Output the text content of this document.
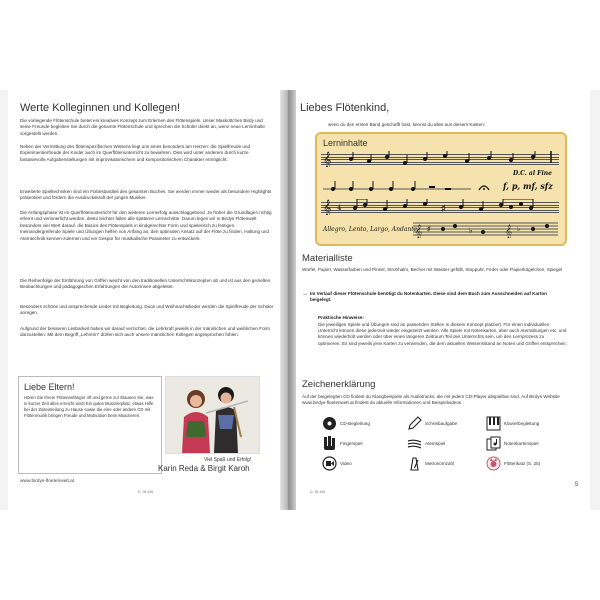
Werte Kolleginnen und Kollegen!

Die vorliegende Flötenschule bietet ein kreatives Konzept zum Erlernen des Flötenspiels. Unser Maskottchen Birdy und seine Freunde begleiten Sie durch die gesamte Flötenschule und sprechen die Schüler direkt an, wenn neue Lerninhalte vorgestellt werden.

Neben der Vermittlung des flötenspezifischen Wissens liegt uns eines besonders am Herzen: die Spielfreude und Experimentierfreude der Kinder auch im Querflötenunterricht zu bewahren. Dies wird unter anderem durch kurze fantasievolle Aufgabenstellungen mit improvisatorischem und kompositorischem Charakter ermöglicht.

Erweiterte Spieltechniken sind ein Fixbestandteil des gesamten Buches. Sie werden immer wieder als besondere Highlights präsentiert und fördern die Ausdruckskraft der jungen Musiker.

Die Anfangsphase ist im Querflötenunterricht für den weiteren Lernerfolg ausschlaggebend. Je früher die Grundlagen richtig erlernt und verinnerlicht werden, desto leichter fallen alle späteren Lernschritte. Darum legen wir in Birdys Flötenwelt besonders viel Wert darauf, die Basics des Flötenspiels in kindgerechter Form und spielerisch zu festigen. Ineinandergreifende Spiele und Übungen helfen von Anfang an, den optimalen Ansatz auf der Flöte zu finden, Haltung und Atemtechnik kennen-zulernen und ein Gespür für musikalische Parameter zu entwickeln.

Die Reihenfolge der Einführung von Griffen weicht von den traditionellen Unterrichtskonzepten ab und ist aus den gezielten Beobachtungen und pädagogischen Erfahrungen der Autorinnen abgeleitet.

Besonders schöne und ansprechende Lieder mit Begleitung, Duos und Weihnachtslieder werden die Spielfreude der Schüler anregen.

Aufgrund der besseren Lesbarkeit haben wir darauf verzichtet, die Lehrkraft jeweils in der männlichen und weiblichen Form darzustellen. Mit dem Begriff „Lehrerin“ dürfen sich auch unsere männlichen Kollegen angesprochen fühlen.

Liebe Eltern!

Hören Sie Ihrem Flötenanfänger oft und gerne zu! Staunen Sie, was in kurzer Zeit alles erreicht wird! Ein gutes Musizierplatz, etwas Hilfe bei der Zeiteinteilung zu Hause sowie die eine oder andere CD mit Flötenmusik bringen Freude und Motivation beim Musizieren.

Viel Spaß und Erfolg!
Karin Reda & Birgit Karoh
www.birdys-floetenwelt.at
D. 28 446
Liebes Flötenkind,
wenn du den ersten Band geschafft hast, kennst du alles aus diesem Kasten:
Lerninhalte
𝄞
D.C. al Fine
f, p, mf, sfz
𝄞 4	♯
Allegro, Lento, Largo, Andante
𝄞 ♯	♭	𝄞 ♭
Materialliste

Würfel, Papier, Wasserfarben und Pinsel, Strohhalm, Becher mit Wasser gefüllt, Stoppuhr, Feder oder Papierkügelchen, Spiegel

→ Im Verlauf dieser Flötenschule benötigt du Notenkarten. Diese sind dem Buch zum Ausschneiden auf Karton beigelegt.

Praktische Hinweise:

Die jeweiligen Spiele und Übungen sind an passenden Stellen in diesem Konzept platziert. Für einen individuellen Unterricht können diese jederzeit wieder eingesetzt werden. Alle Spiele mit Notenkarten, aber auch Atemübungen etc. und können wiederholt werden oder über einen längeren Zeitraum Teil des Unterrichts sein, um den Lernprozess zu optimieren. Es sind jeweils jene Karten zu verwenden, die dem aktuellen Wissensstand an Noten und Griffen entsprechen.

Zeichenerklärung

Auf der beigelegten CD findest du Klangbeispiele als Audiotracks, die mit jedem CD-Player abspielbar sind. Auf Birdys Website www.birdys-floetenwelt.at findest du aktuelle Informationen und Beispielvideos.

CD-Begleitung
Fingerspiel
Video
Schreibaufgabe
Atemspiel
Metronomzahl
Klavierbegleitung
Notenkartenspiel
Flötenkatz (S. 25)
D. 28 446
5
